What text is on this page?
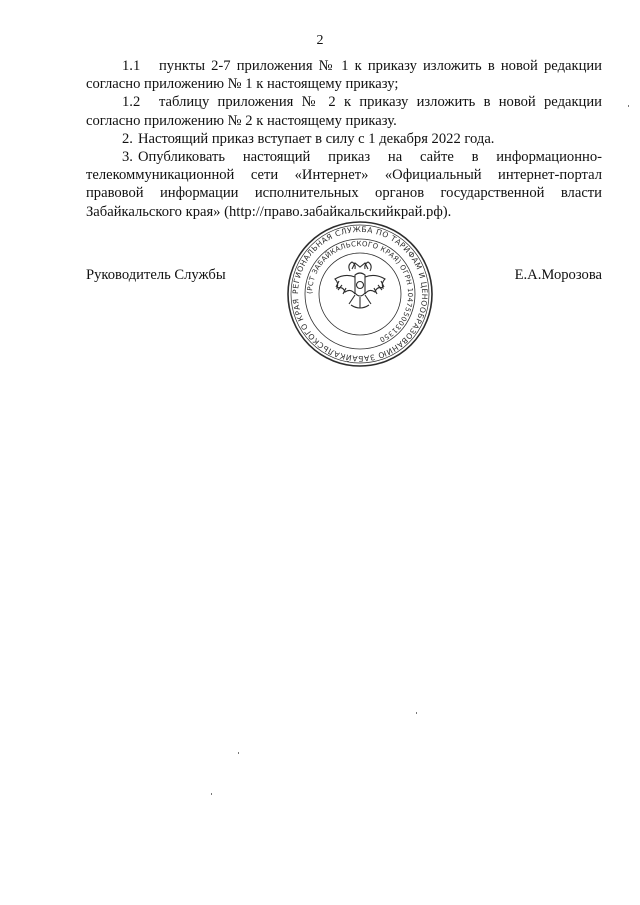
2

1.1 пункты 2-7 приложения № 1 к приказу изложить в новой редакции согласно приложению № 1 к настоящему приказу;

1.2 таблицу приложения № 2 к приказу изложить в новой редакции согласно приложению № 2 к настоящему приказу.

2. Настоящий приказ вступает в силу с 1 декабря 2022 года.

3. Опубликовать настоящий приказ на сайте в информационно-телекоммуникационной сети «Интернет» «Официальный интернет-портал правовой информации исполнительных органов государственной власти Забайкальского края» (http://право.забайкальскийкрай.рф).

РЕГИОНАЛЬНАЯ СЛУЖБА ПО ТАРИФАМ И ЦЕНООБРАЗОВАНИЮ ЗАБАЙКАЛЬСКОГО КРАЯ
(РСТ ЗАБАЙКАЛЬСКОГО КРАЯ) ОГРН 1047550031350
Руководитель Службы	Е.А.Морозова
